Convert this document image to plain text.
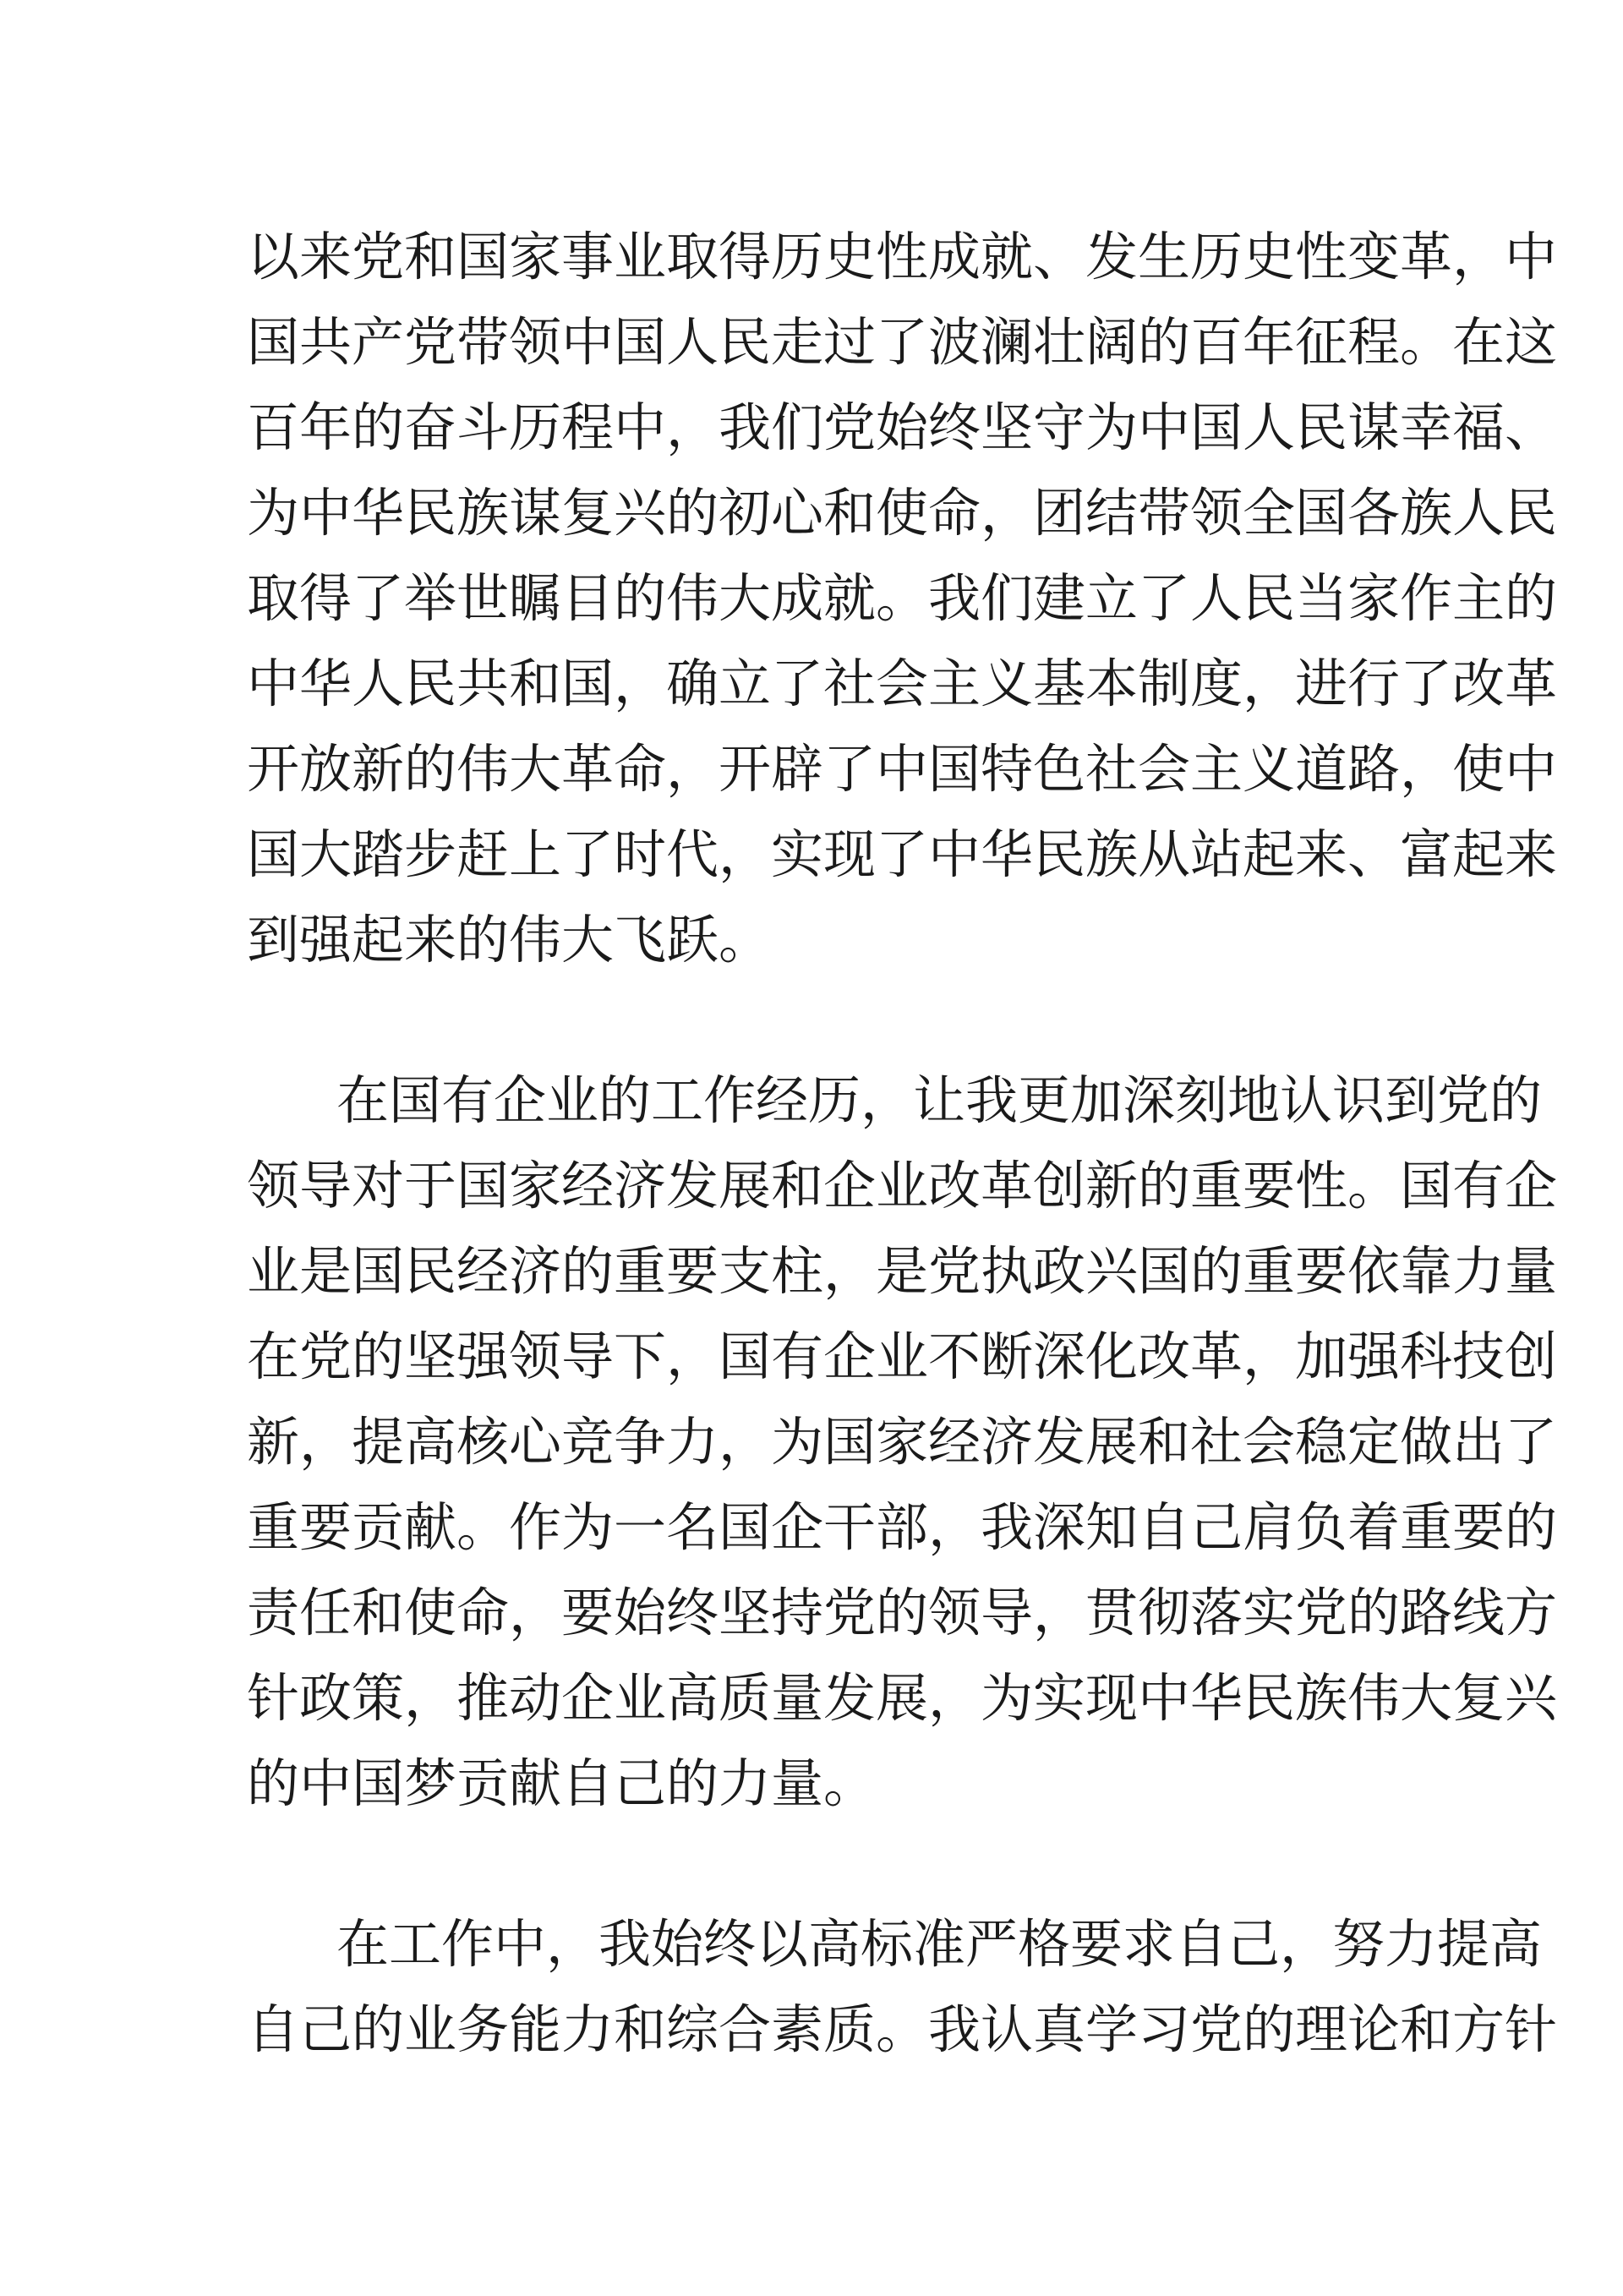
以来党和国家事业取得历史性成就、发生历史性变革，中
国共产党带领中国人民走过了波澜壮阔的百年征程。在这
百年的奋斗历程中，我们党始终坚守为中国人民谋幸福、
为中华民族谋复兴的初心和使命，团结带领全国各族人民
取得了举世瞩目的伟大成就。我们建立了人民当家作主的
中华人民共和国，确立了社会主义基本制度，进行了改革
开放新的伟大革命，开辟了中国特色社会主义道路，使中
国大踏步赶上了时代，实现了中华民族从站起来、富起来
到强起来的伟大飞跃。
在国有企业的工作经历，让我更加深刻地认识到党的
领导对于国家经济发展和企业改革创新的重要性。国有企
业是国民经济的重要支柱，是党执政兴国的重要依靠力量
在党的坚强领导下，国有企业不断深化改革，加强科技创
新，提高核心竞争力，为国家经济发展和社会稳定做出了
重要贡献。作为一名国企干部，我深知自己肩负着重要的
责任和使命，要始终坚持党的领导，贯彻落实党的路线方
针政策，推动企业高质量发展，为实现中华民族伟大复兴
的中国梦贡献自己的力量。
在工作中，我始终以高标准严格要求自己，努力提高
自己的业务能力和综合素质。我认真学习党的理论和方针
